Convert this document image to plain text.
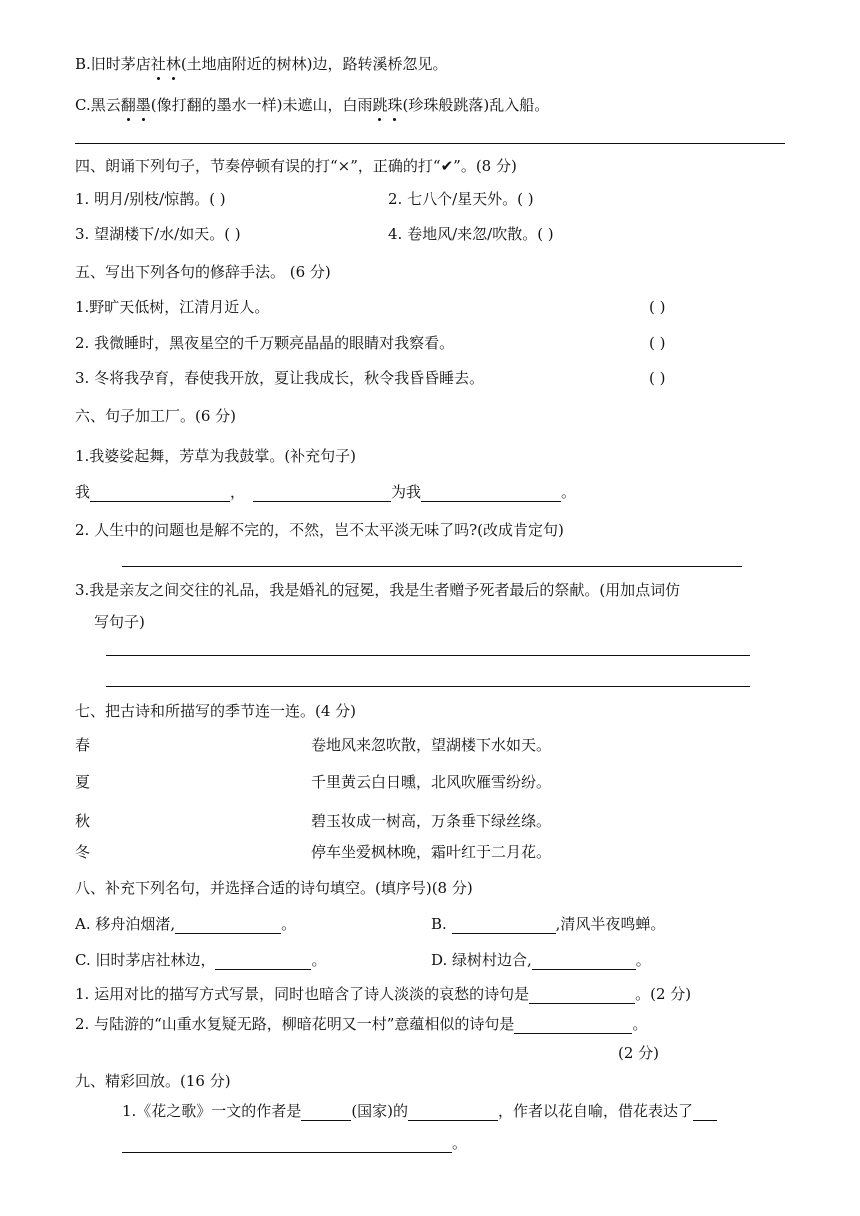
B.旧时茅店社林(土地庙附近的树林)边，路转溪桥忽见。
C.黑云翻墨(像打翻的墨水一样)未遮山，白雨跳珠(珍珠般跳落)乱入船。
四、朗诵下列句子，节奏停顿有误的打“×”，正确的打“✔”。(8 分)
1. 明月/别枝/惊鹊。( )	2. 七八个/星天外。( )
3. 望湖楼下/水/如天。( )	4. 卷地风/来忽/吹散。( )
五、写出下列各句的修辞手法。 (6 分)
1.野旷天低树，江清月近人。	( )
2. 我微睡时，黑夜星空的千万颗亮晶晶的眼睛对我察看。	( )
3. 冬将我孕育，春使我开放，夏让我成长，秋令我昏昏睡去。	( )
六、句子加工厂。(6 分)
1.我婆娑起舞，芳草为我鼓掌。(补充句子)
我	，	为我	。
2. 人生中的问题也是解不完的，不然，岂不太平淡无味了吗?(改成肯定句)
3.我是亲友之间交往的礼品，我是婚礼的冠冕，我是生者赠予死者最后的祭献。(用加点词仿
写句子)
七、把古诗和所描写的季节连一连。(4 分)
春	卷地风来忽吹散，望湖楼下水如天。
夏	千里黄云白日曛，北风吹雁雪纷纷。
秋	碧玉妆成一树高，万条垂下绿丝绦。
冬	停车坐爱枫林晚，霜叶红于二月花。
八、补充下列名句，并选择合适的诗句填空。(填序号)(8 分)
A. 移舟泊烟渚,	。	B.	,清风半夜鸣蝉。
C. 旧时茅店社林边，	。	D. 绿树村边合,	。
1. 运用对比的描写方式写景，同时也暗含了诗人淡淡的哀愁的诗句是	。(2 分)
2. 与陆游的“山重水复疑无路，柳暗花明又一村”意蕴相似的诗句是	。
(2 分)
九、精彩回放。(16 分)
1.《花之歌》一文的作者是	(国家)的	，作者以花自喻，借花表达了
。
